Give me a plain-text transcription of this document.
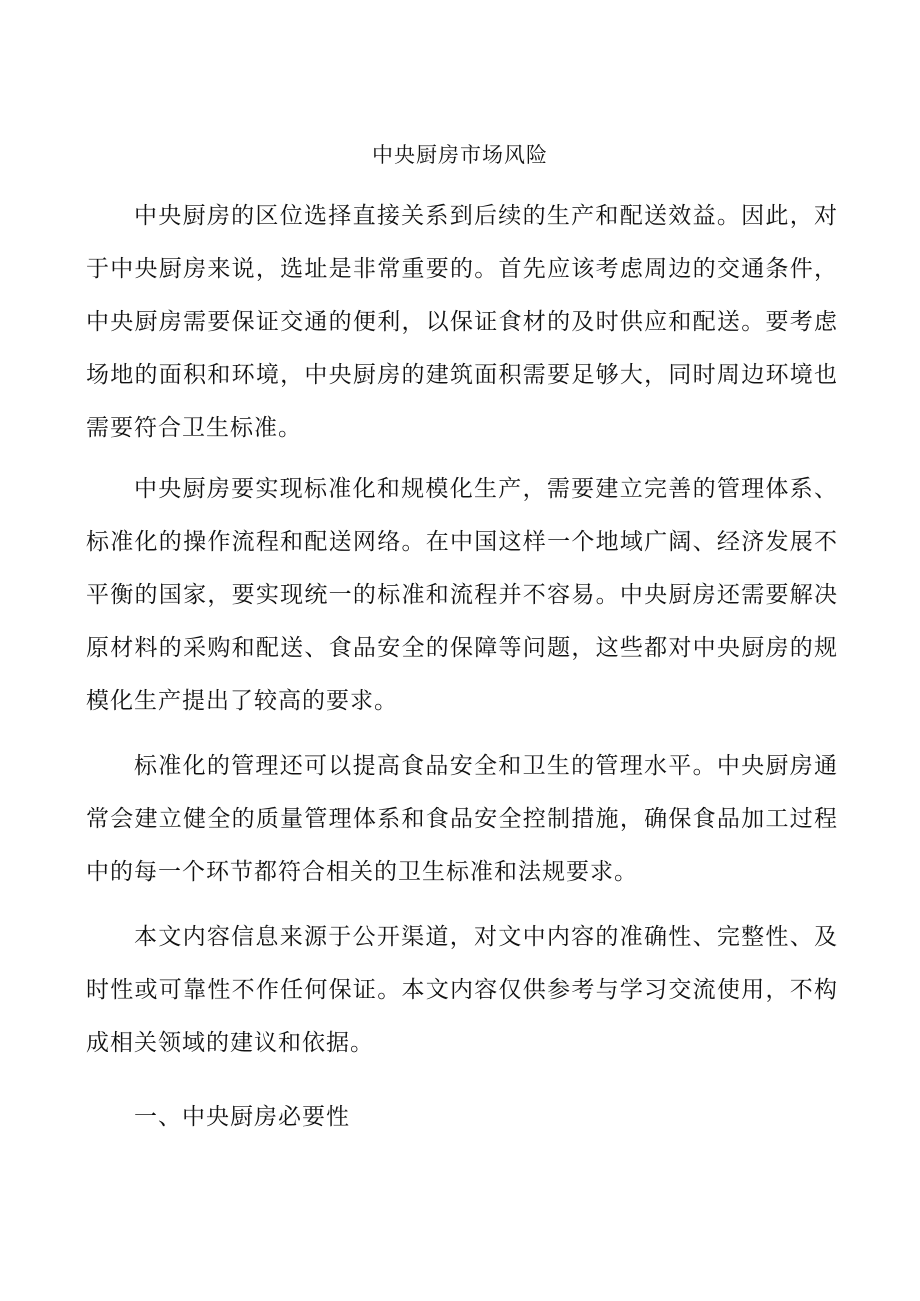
中央厨房市场风险

中央厨房的区位选择直接关系到后续的生产和配送效益。因此，对于中央厨房来说，选址是非常重要的。首先应该考虑周边的交通条件，中央厨房需要保证交通的便利，以保证食材的及时供应和配送。要考虑场地的面积和环境，中央厨房的建筑面积需要足够大，同时周边环境也需要符合卫生标准。

中央厨房要实现标准化和规模化生产，需要建立完善的管理体系、标准化的操作流程和配送网络。在中国这样一个地域广阔、经济发展不平衡的国家，要实现统一的标准和流程并不容易。中央厨房还需要解决原材料的采购和配送、食品安全的保障等问题，这些都对中央厨房的规模化生产提出了较高的要求。

标准化的管理还可以提高食品安全和卫生的管理水平。中央厨房通常会建立健全的质量管理体系和食品安全控制措施，确保食品加工过程中的每一个环节都符合相关的卫生标准和法规要求。

本文内容信息来源于公开渠道，对文中内容的准确性、完整性、及时性或可靠性不作任何保证。本文内容仅供参考与学习交流使用，不构成相关领域的建议和依据。

一、中央厨房必要性
